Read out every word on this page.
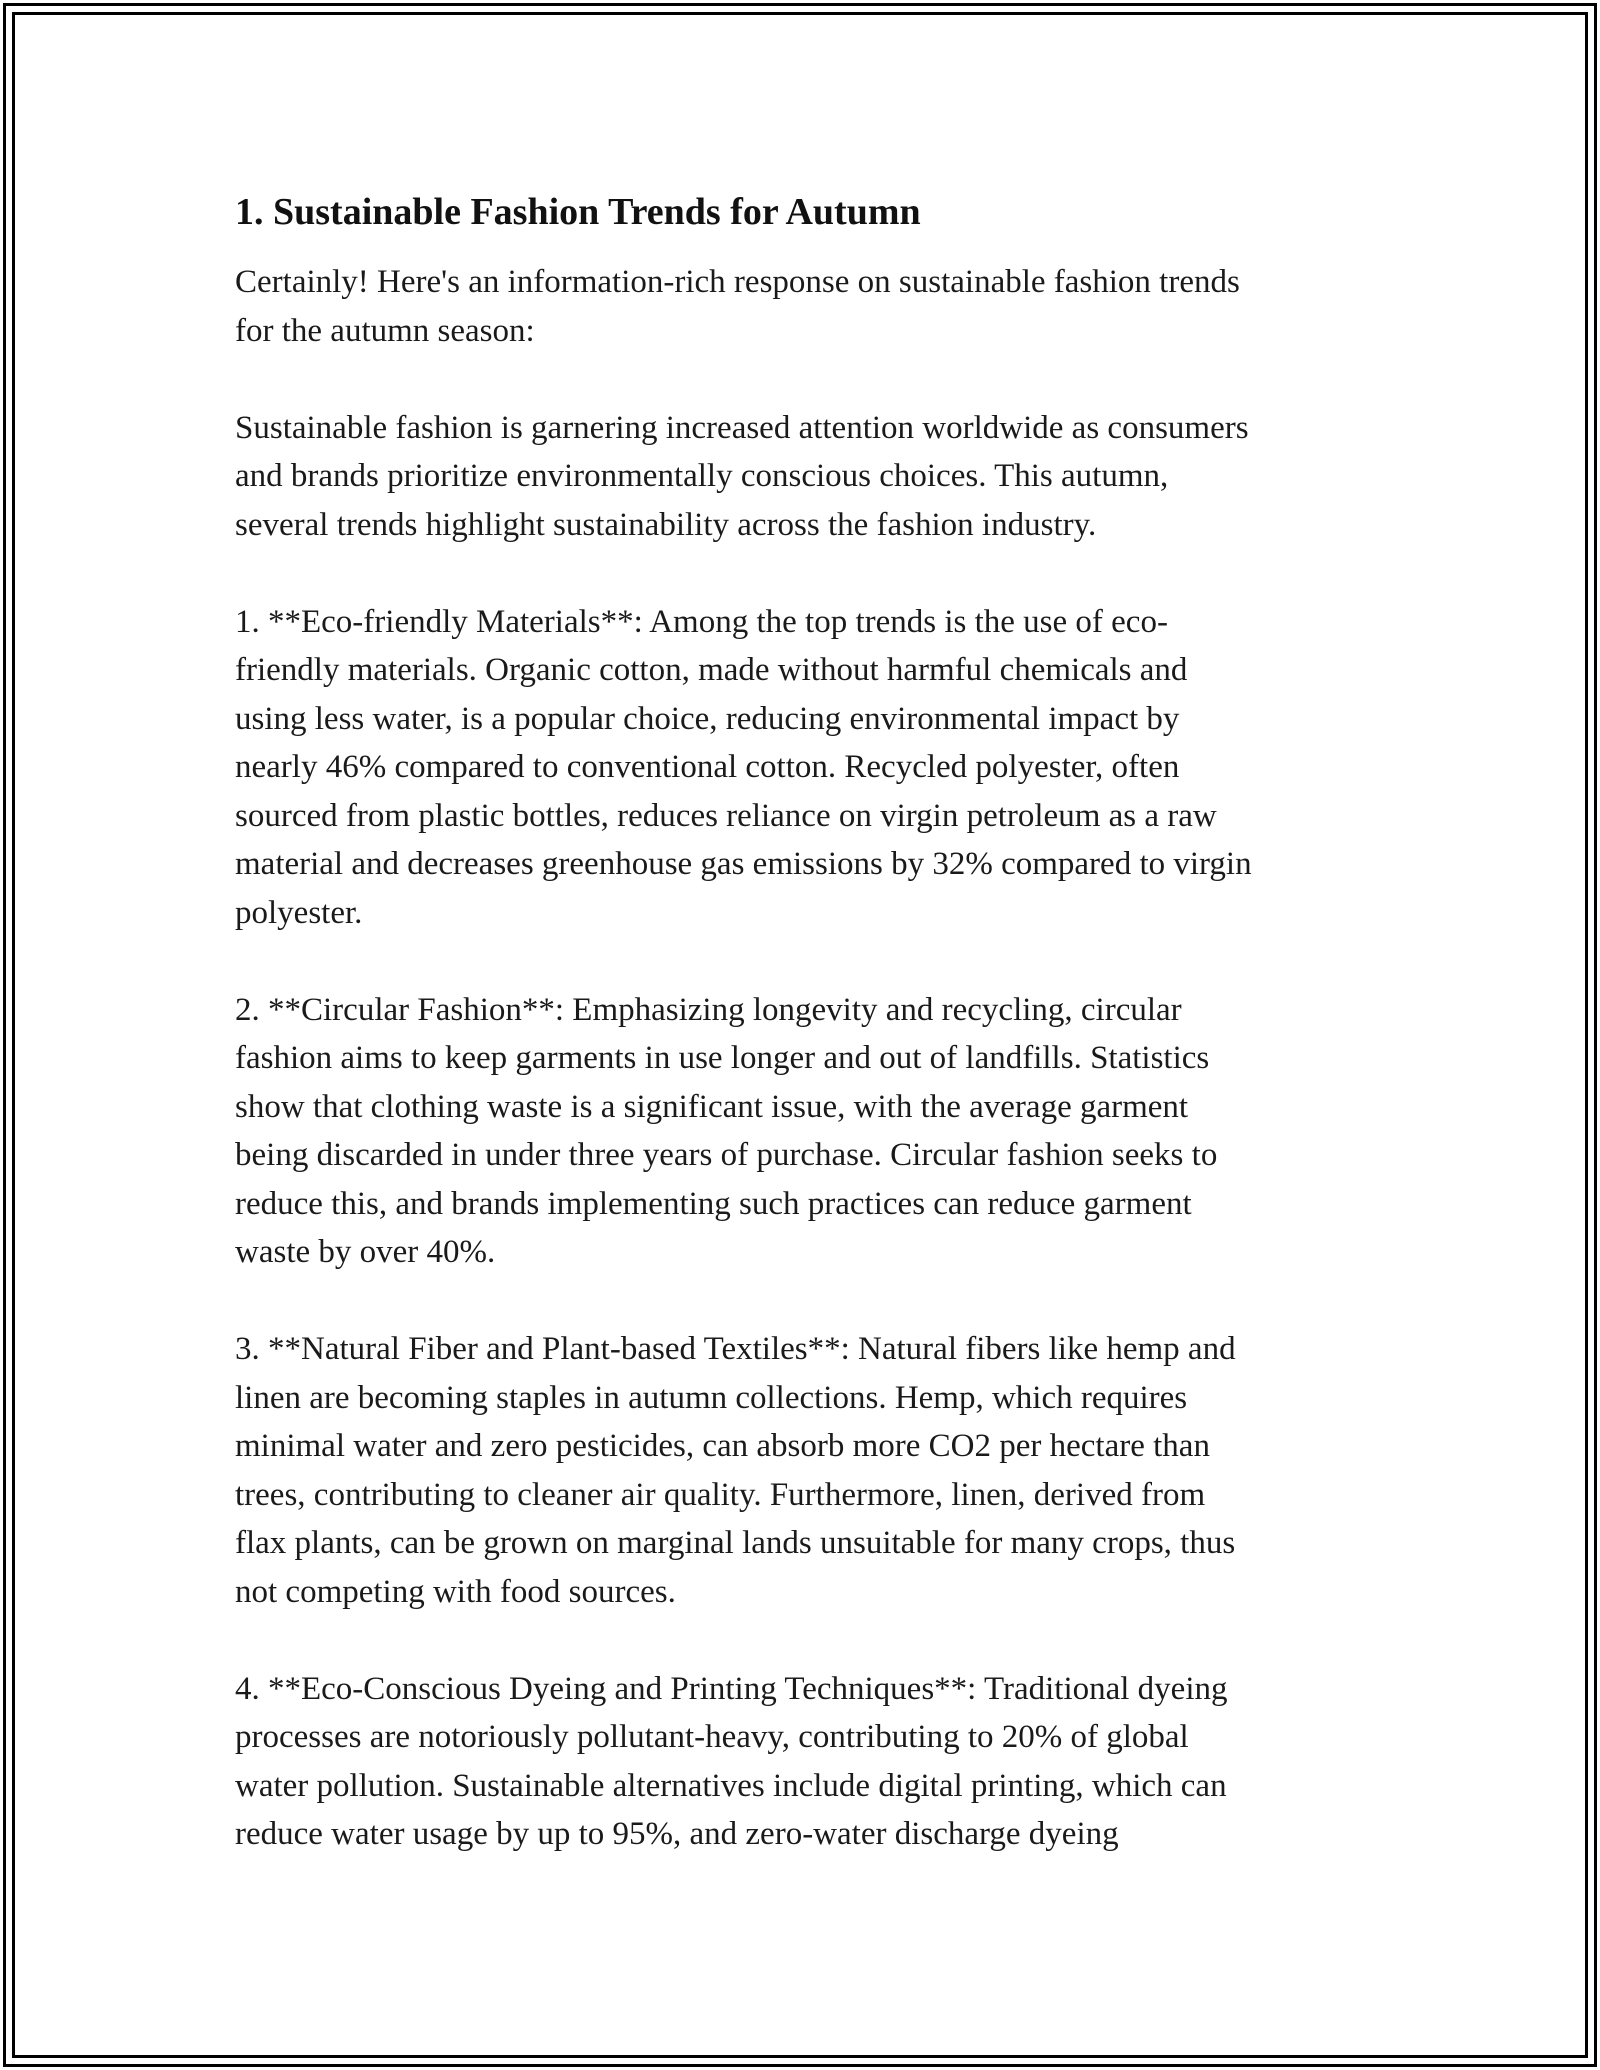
1. Sustainable Fashion Trends for Autumn

Certainly! Here's an information-rich response on sustainable fashion trends
for the autumn season:

Sustainable fashion is garnering increased attention worldwide as consumers
and brands prioritize environmentally conscious choices. This autumn,
several trends highlight sustainability across the fashion industry.

1. **Eco-friendly Materials**: Among the top trends is the use of eco-
friendly materials. Organic cotton, made without harmful chemicals and
using less water, is a popular choice, reducing environmental impact by
nearly 46% compared to conventional cotton. Recycled polyester, often
sourced from plastic bottles, reduces reliance on virgin petroleum as a raw
material and decreases greenhouse gas emissions by 32% compared to virgin
polyester.

2. **Circular Fashion**: Emphasizing longevity and recycling, circular
fashion aims to keep garments in use longer and out of landfills. Statistics
show that clothing waste is a significant issue, with the average garment
being discarded in under three years of purchase. Circular fashion seeks to
reduce this, and brands implementing such practices can reduce garment
waste by over 40%.

3. **Natural Fiber and Plant-based Textiles**: Natural fibers like hemp and
linen are becoming staples in autumn collections. Hemp, which requires
minimal water and zero pesticides, can absorb more CO2 per hectare than
trees, contributing to cleaner air quality. Furthermore, linen, derived from
flax plants, can be grown on marginal lands unsuitable for many crops, thus
not competing with food sources.

4. **Eco-Conscious Dyeing and Printing Techniques**: Traditional dyeing
processes are notoriously pollutant-heavy, contributing to 20% of global
water pollution. Sustainable alternatives include digital printing, which can
reduce water usage by up to 95%, and zero-water discharge dyeing
